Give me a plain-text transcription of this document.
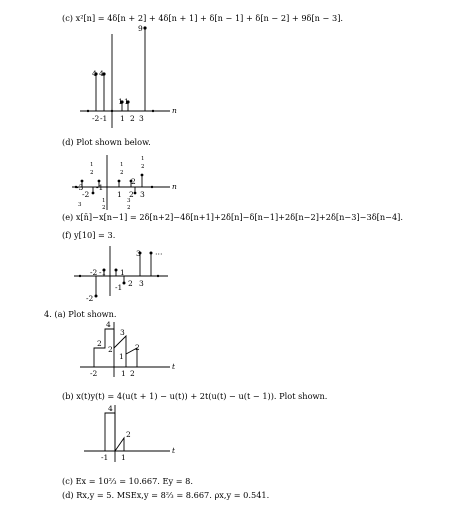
(c) x²[n] = 4δ[n + 2] + 4δ[n + 1] + δ[n − 1] + δ[n − 2] + 9δ[n − 3].
(d) Plot shown below.
(e) x[n̄]−x[n−1] = 2δ[n+2]−4δ[n+1]+2δ[n]−δ[n−1]+2δ[n−2]+2δ[n−3]−3δ[n−4].
(f) y[10] = 3.
4. (a) Plot shown.
(b) x(t)y(t) = 4(u(t + 1) − u(t)) + 2t(u(t) − u(t − 1)). Plot shown.
(c) Ex = 10⅔ = 10.667. Ey = 8.
(d) Rx,y = 5. MSEx,y = 8⅔ = 8.667. ρx,y = 0.541.
4 4
1 1
9
-2 -1 1 2 3
n
1
2
1
2
2
1
2
1
2
3
2
3
-3
-2
-1
1 2 3
n
3 ⋯
-2 -1 1
2 3
-1
-2
4
2
3
2
1
2
-2	1 2
t
4
2
-1 1
t
